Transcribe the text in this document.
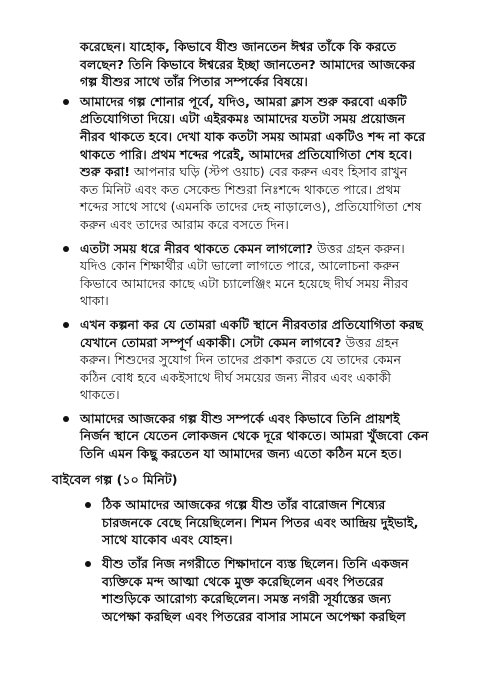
করেছেন। যাহোক, কিভাবে যীশু জানতেন ঈশ্বর তাঁকে কি করতে বলছেন? তিনি কিভাবে ঈশ্বরের ইচ্ছা জানতেন? আমাদের আজকের গল্প যীশুর সাথে তাঁর পিতার সম্পর্কের বিষয়ে।

আমাদের গল্প শোনার পূর্বে, যদিও, আমরা ক্লাস শুরু করবো একটি প্রতিযোগিতা দিয়ে। এটা এইরকমঃ আমাদের যতটা সময় প্রয়োজন নীরব থাকতে হবে। দেখা যাক কতটা সময় আমরা একটিও শব্দ না করে থাকতে পারি। প্রথম শব্দের পরেই, আমাদের প্রতিযোগিতা শেষ হবে। শুরু করা! আপনার ঘড়ি (স্টপ ওয়াচ) বের করুন এবং হিসাব রাখুন কত মিনিট এবং কত সেকেন্ড শিশুরা নিঃশব্দে থাকতে পারে। প্রথম শব্দের সাথে সাথে (এমনকি তাদের দেহ নাড়ালেও), প্রতিযোগিতা শেষ করুন এবং তাদের আরাম করে বসতে দিন।
এতটা সময় ধরে নীরব থাকতে কেমন লাগলো? উত্তর গ্রহন করুন। যদিও কোন শিক্ষার্থীর এটা ভালো লাগতে পারে, আলোচনা করুন কিভাবে আমাদের কাছে এটা চ্যালেঞ্জিং মনে হয়েছে দীর্ঘ সময় নীরব থাকা।
এখন কল্পনা কর যে তোমরা একটি স্থানে নীরবতার প্রতিযোগিতা করছ যেখানে তোমরা সম্পূর্ণ একাকী। সেটা কেমন লাগবে? উত্তর গ্রহন করুন। শিশুদের সুযোগ দিন তাদের প্রকাশ করতে যে তাদের কেমন কঠিন বোধ হবে একইসাথে দীর্ঘ সময়ের জন্য নীরব এবং একাকী থাকতে।
আমাদের আজকের গল্প যীশু সম্পর্কে এবং কিভাবে তিনি প্রায়শই নির্জন স্থানে যেতেন লোকজন থেকে দূরে থাকতে। আমরা খুঁজবো কেন তিনি এমন কিছু করতেন যা আমাদের জন্য এতো কঠিন মনে হত।
বাইবেল গল্প (১০ মিনিট)
ঠিক আমাদের আজকের গল্পে যীশু তাঁর বারোজন শিষ্যের চারজনকে বেছে নিয়েছিলেন। শিমন পিতর এবং আন্দ্রিয় দুইভাই, সাথে যাকোব এবং যোহন।
যীশু তাঁর নিজ নগরীতে শিক্ষাদানে ব্যস্ত ছিলেন। তিনি একজন ব্যক্তিকে মন্দ আত্মা থেকে মুক্ত করেছিলেন এবং পিতরের শাশুড়িকে আরোগ্য করেছিলেন। সমস্ত নগরী সূর্যাস্তের জন্য অপেক্ষা করছিল এবং পিতরের বাসার সামনে অপেক্ষা করছিল
